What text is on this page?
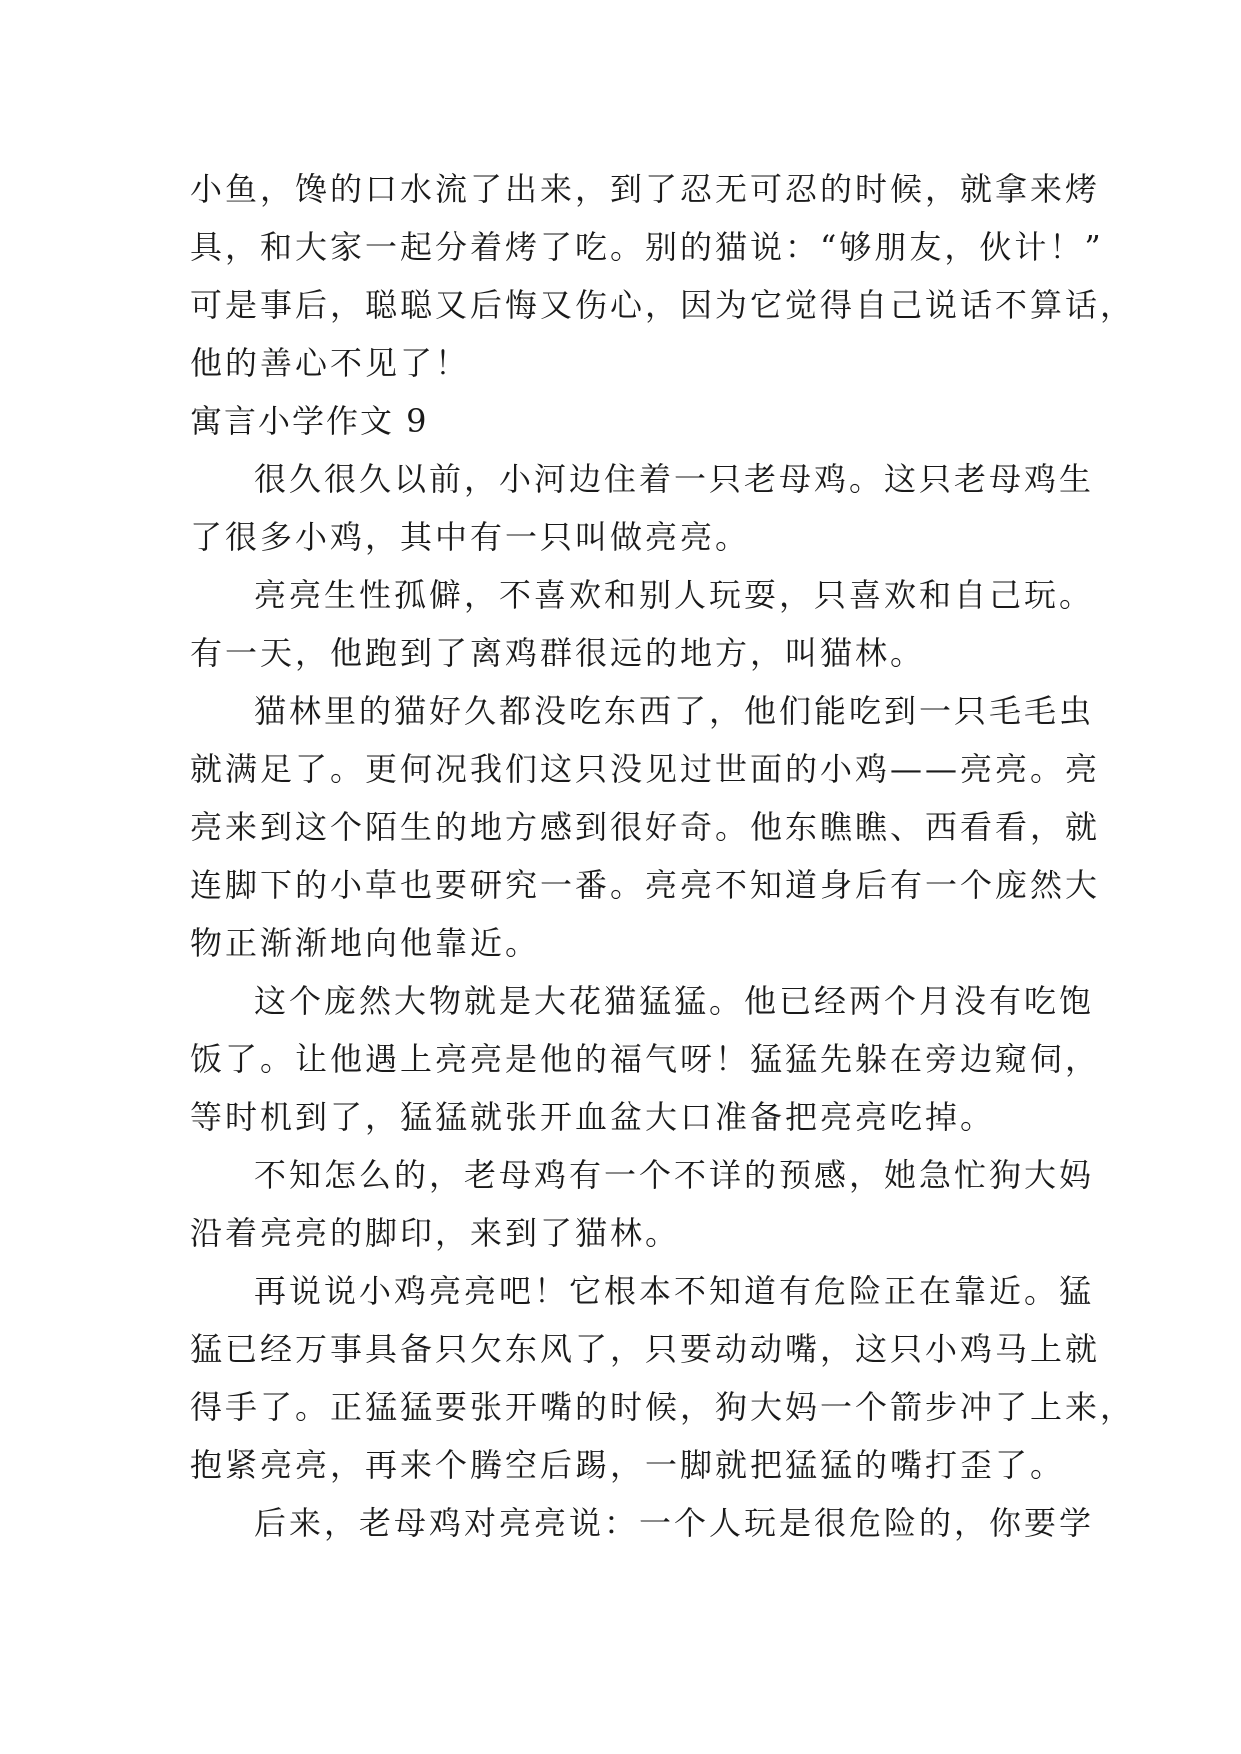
小鱼，馋的口水流了出来，到了忍无可忍的时候，就拿来烤
具，和大家一起分着烤了吃。别的猫说：“够朋友，伙计！”
可是事后，聪聪又后悔又伤心，因为它觉得自己说话不算话，
他的善心不见了！
寓言小学作文 9
很久很久以前，小河边住着一只老母鸡。这只老母鸡生
了很多小鸡，其中有一只叫做亮亮。
亮亮生性孤僻，不喜欢和别人玩耍，只喜欢和自己玩。
有一天，他跑到了离鸡群很远的地方，叫猫林。
猫林里的猫好久都没吃东西了，他们能吃到一只毛毛虫
就满足了。更何况我们这只没见过世面的小鸡——亮亮。亮
亮来到这个陌生的地方感到很好奇。他东瞧瞧、西看看，就
连脚下的小草也要研究一番。亮亮不知道身后有一个庞然大
物正渐渐地向他靠近。
这个庞然大物就是大花猫猛猛。他已经两个月没有吃饱
饭了。让他遇上亮亮是他的福气呀！猛猛先躲在旁边窥伺，
等时机到了，猛猛就张开血盆大口准备把亮亮吃掉。
不知怎么的，老母鸡有一个不详的预感，她急忙狗大妈
沿着亮亮的脚印，来到了猫林。
再说说小鸡亮亮吧！它根本不知道有危险正在靠近。猛
猛已经万事具备只欠东风了，只要动动嘴，这只小鸡马上就
得手了。正猛猛要张开嘴的时候，狗大妈一个箭步冲了上来，
抱紧亮亮，再来个腾空后踢，一脚就把猛猛的嘴打歪了。
后来，老母鸡对亮亮说：一个人玩是很危险的，你要学
